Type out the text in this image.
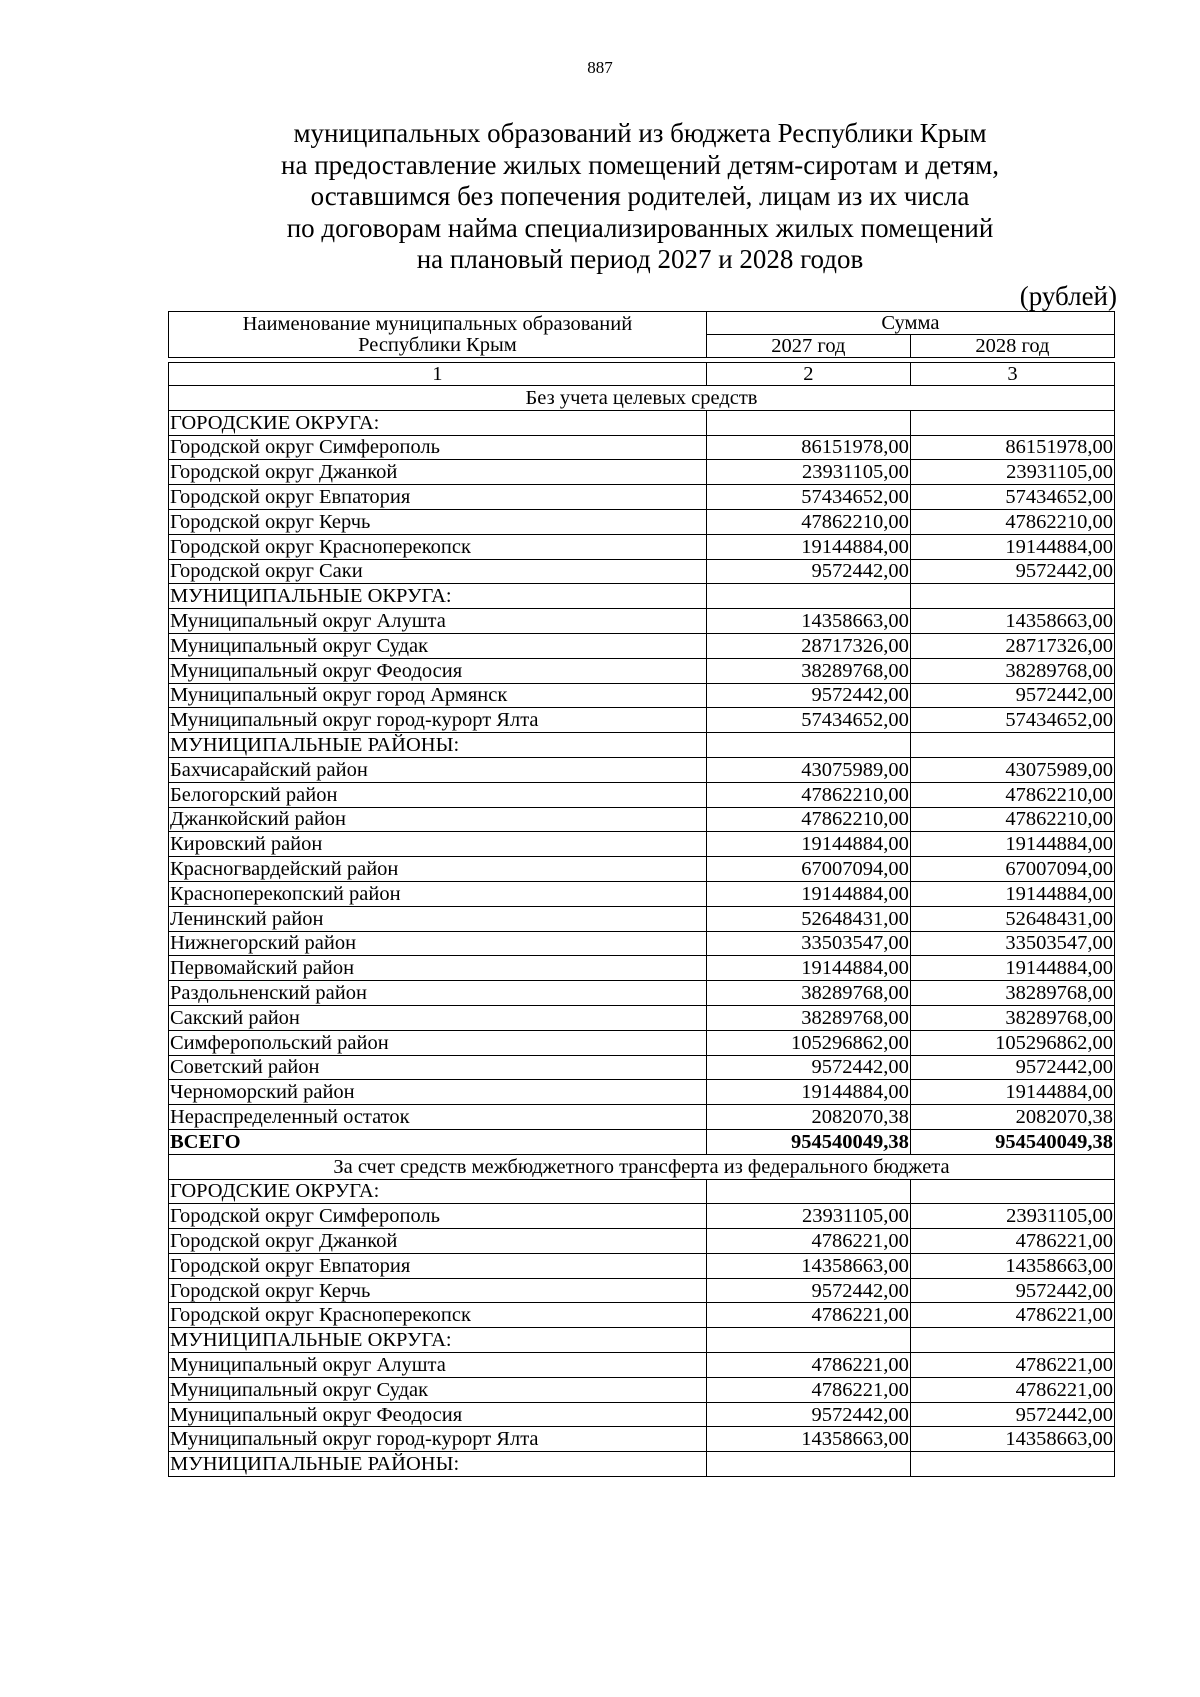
887
муниципальных образований из бюджета Республики Крым
на предоставление жилых помещений детям-сиротам и детям,
оставшимся без попечения родителей, лицам из их числа
по договорам найма специализированных жилых помещений
на плановый период 2027 и 2028 годов
(рублей)
Наименование муниципальных образований
Республики Крым	Сумма	
	2027 год	2028 год

1	2	3
Без учета целевых средств		
ГОРОДСКИЕ ОКРУГА:		
Городской округ Симферополь	86151978,00	86151978,00
Городской округ Джанкой	23931105,00	23931105,00
Городской округ Евпатория	57434652,00	57434652,00
Городской округ Керчь	47862210,00	47862210,00
Городской округ Красноперекопск	19144884,00	19144884,00
Городской округ Саки	9572442,00	9572442,00
МУНИЦИПАЛЬНЫЕ ОКРУГА:		
Муниципальный округ Алушта	14358663,00	14358663,00
Муниципальный округ Судак	28717326,00	28717326,00
Муниципальный округ Феодосия	38289768,00	38289768,00
Муниципальный округ город Армянск	9572442,00	9572442,00
Муниципальный округ город-курорт Ялта	57434652,00	57434652,00
МУНИЦИПАЛЬНЫЕ РАЙОНЫ:		
Бахчисарайский район	43075989,00	43075989,00
Белогорский район	47862210,00	47862210,00
Джанкойский район	47862210,00	47862210,00
Кировский район	19144884,00	19144884,00
Красногвардейский район	67007094,00	67007094,00
Красноперекопский район	19144884,00	19144884,00
Ленинский район	52648431,00	52648431,00
Нижнегорский район	33503547,00	33503547,00
Первомайский район	19144884,00	19144884,00
Раздольненский район	38289768,00	38289768,00
Сакский район	38289768,00	38289768,00
Симферопольский район	105296862,00	105296862,00
Советский район	9572442,00	9572442,00
Черноморский район	19144884,00	19144884,00
Нераспределенный остаток	2082070,38	2082070,38
ВСЕГО	954540049,38	954540049,38
За счет средств межбюджетного трансферта из федерального бюджета		
ГОРОДСКИЕ ОКРУГА:		
Городской округ Симферополь	23931105,00	23931105,00
Городской округ Джанкой	4786221,00	4786221,00
Городской округ Евпатория	14358663,00	14358663,00
Городской округ Керчь	9572442,00	9572442,00
Городской округ Красноперекопск	4786221,00	4786221,00
МУНИЦИПАЛЬНЫЕ ОКРУГА:		
Муниципальный округ Алушта	4786221,00	4786221,00
Муниципальный округ Судак	4786221,00	4786221,00
Муниципальный округ Феодосия	9572442,00	9572442,00
Муниципальный округ город-курорт Ялта	14358663,00	14358663,00
МУНИЦИПАЛЬНЫЕ РАЙОНЫ:		
